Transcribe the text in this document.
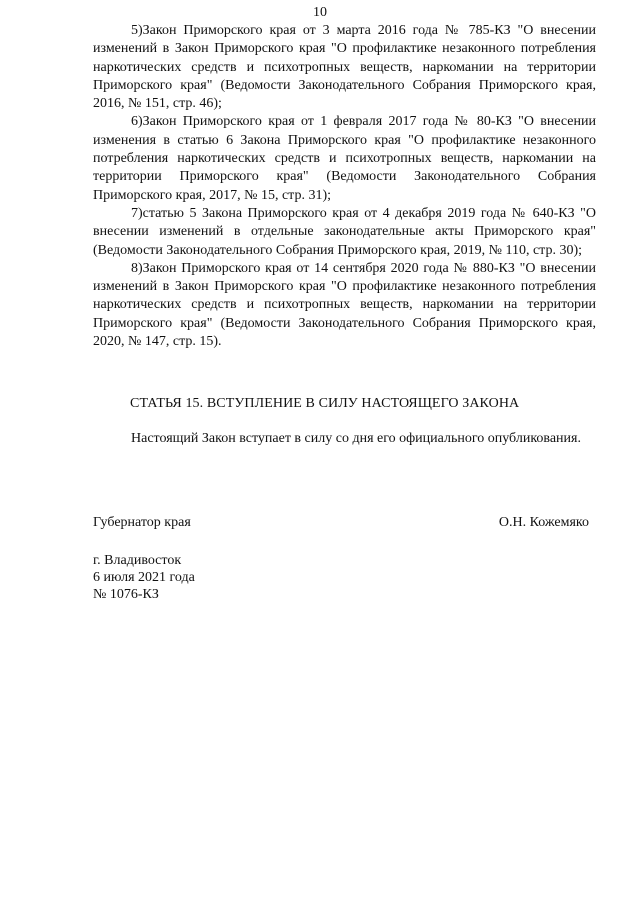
10

5)Закон Приморского края от 3 марта 2016 года № 785-КЗ "О внесении изменений в Закон Приморского края "О профилактике незаконного потребления наркотических средств и психотропных веществ, наркомании на территории Приморского края" (Ведомости Законодательного Собрания Приморского края, 2016, № 151, стр. 46);

6)Закон Приморского края от 1 февраля 2017 года № 80-КЗ "О внесении изменения в статью 6 Закона Приморского края "О профилактике незаконного потребления наркотических средств и психотропных веществ, наркомании на территории Приморского края" (Ведомости Законодательного Собрания Приморского края, 2017, № 15, стр. 31);

7)статью 5 Закона Приморского края от 4 декабря 2019 года № 640-КЗ "О внесении изменений в отдельные законодательные акты Приморского края" (Ведомости Законодательного Собрания Приморского края, 2019, № 110, стр. 30);

8)Закон Приморского края от 14 сентября 2020 года № 880-КЗ "О внесении изменений в Закон Приморского края "О профилактике незаконного потребления наркотических средств и психотропных веществ, наркомании на территории Приморского края" (Ведомости Законодательного Собрания Приморского края, 2020, № 147, стр. 15).

СТАТЬЯ 15. ВСТУПЛЕНИЕ В СИЛУ НАСТОЯЩЕГО ЗАКОНА

Настоящий Закон вступает в силу со дня его официального опубликования.

Губернатор края	О.Н. Кожемяко
г. Владивосток
6 июля 2021 года
№ 1076-КЗ
